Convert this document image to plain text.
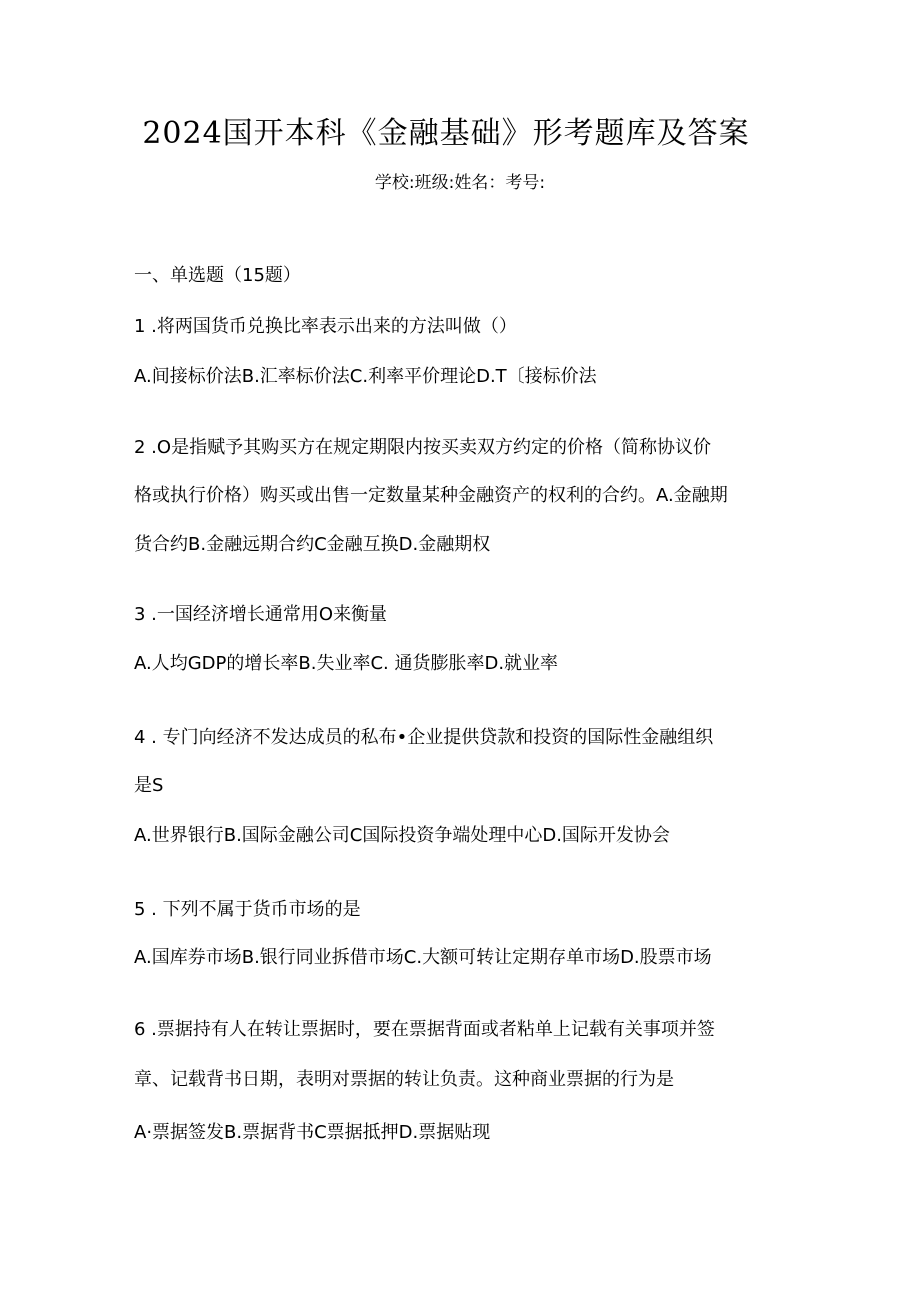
2024国开本科《金融基础》形考题库及答案
学校:班级:姓名：考号:
一、单选题（15题）
1 .将两国货币兑换比率表示出来的方法叫做（）
A.间接标价法B.汇率标价法C.利率平价理论D.T〔接标价法
2 .O是指赋予其购买方在规定期限内按买卖双方约定的价格（简称协议价
格或执行价格）购买或出售一定数量某种金融资产的权利的合约。A.金融期
货合约B.金融远期合约C金融互换D.金融期权
3 .一国经济增长通常用O来衡量
A.人均GDP的增长率B.失业率C. 通货膨胀率D.就业率
4 . 专门向经济不发达成员的私布•企业提供贷款和投资的国际性金融组织
是S
A.世界银行B.国际金融公司C国际投资争端处理中心D.国际开发协会
5 . 下列不属于货币市场的是
A.国库券市场B.银行同业拆借市场C.大额可转让定期存单市场D.股票市场
6 .票据持有人在转让票据时，要在票据背面或者粘单上记载有关事项并签
章、记载背书日期，表明对票据的转让负责。这种商业票据的行为是
A·票据签发B.票据背书C票据抵押D.票据贴现
